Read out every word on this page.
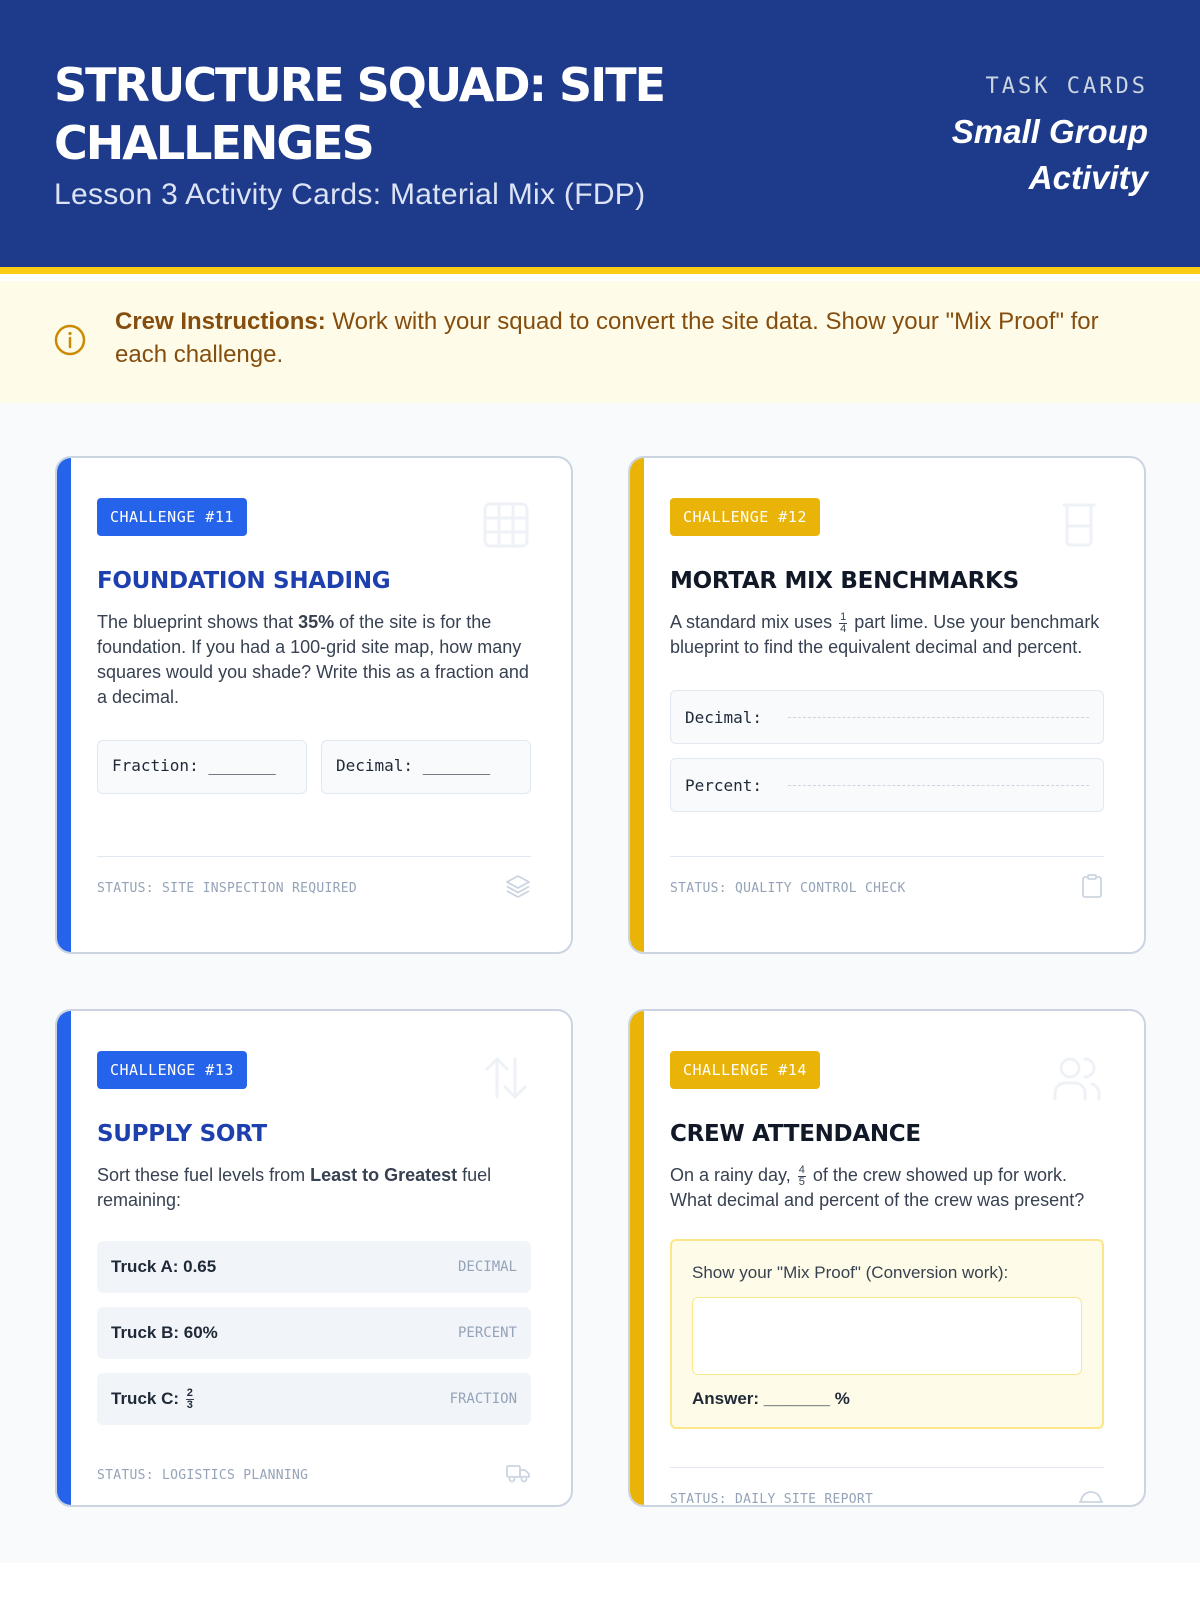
STRUCTURE SQUAD: SITE CHALLENGES
Lesson 3 Activity Cards: Material Mix (FDP)
TASK CARDS
Small Group Activity
Crew Instructions: Work with your squad to convert the site data. Show your "Mix Proof" for each challenge.
CHALLENGE #11
FOUNDATION SHADING
The blueprint shows that 35% of the site is for the foundation. If you had a 100-grid site map, how many squares would you shade? Write this as a fraction and a decimal.
Fraction: _______	Decimal: _______
STATUS: SITE INSPECTION REQUIRED
CHALLENGE #12
MORTAR MIX BENCHMARKS
A standard mix uses $\frac{1}{4}$ part lime. Use your benchmark blueprint to find the equivalent decimal and percent.
Decimal:
Percent:
STATUS: QUALITY CONTROL CHECK
CHALLENGE #13
SUPPLY SORT
Sort these fuel levels from Least to Greatest fuel remaining:
Truck A: 0.65	DECIMAL
Truck B: 60%	PERCENT
Truck C: $\frac{2}{3}$	FRACTION
STATUS: LOGISTICS PLANNING
CHALLENGE #14
CREW ATTENDANCE
On a rainy day, $\frac{4}{5}$ of the crew showed up for work. What decimal and percent of the crew was present?
Show your "Mix Proof" (Conversion work):
Answer: _______ %
STATUS: DAILY SITE REPORT
